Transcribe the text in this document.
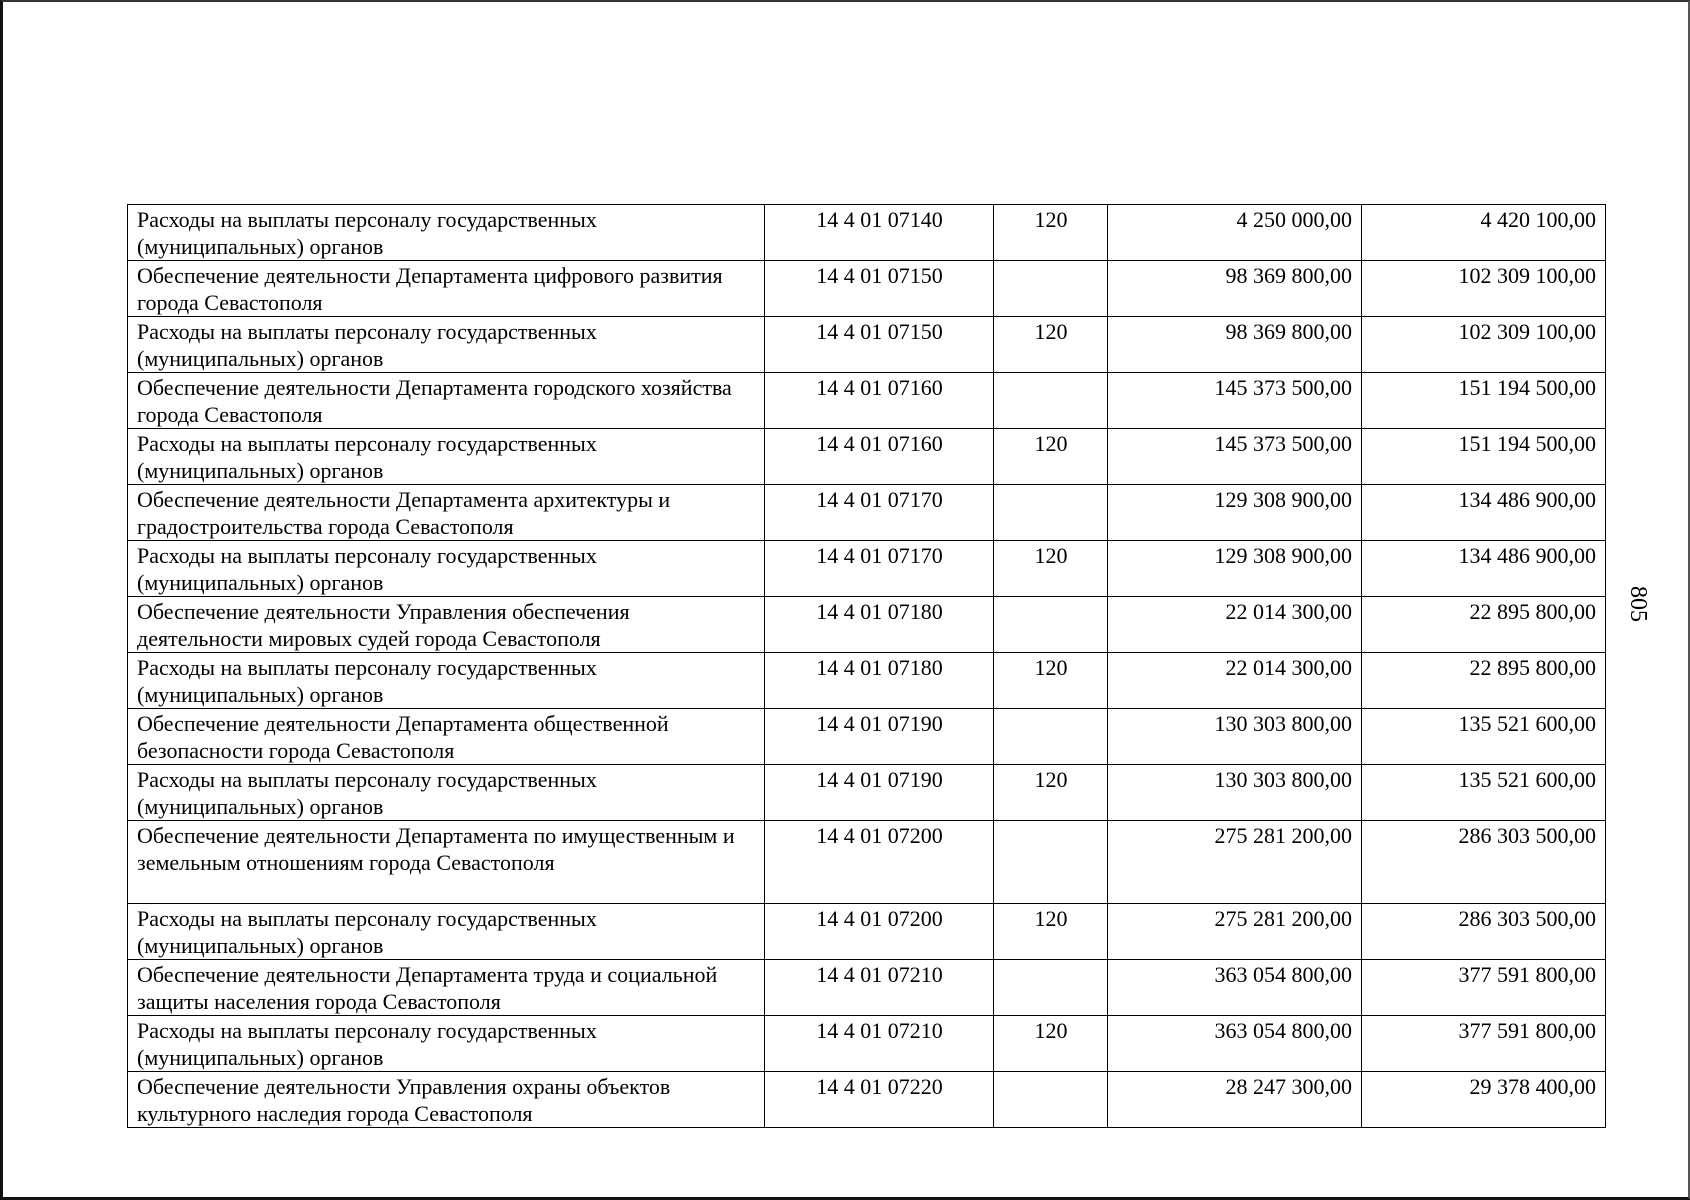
Расходы на выплаты персоналу государственных (муниципальных) органов	14 4 01 07140	120	4 250 000,00	4 420 100,00
Обеспечение деятельности Департамента цифрового развития города Севастополя	14 4 01 07150		98 369 800,00	102 309 100,00
Расходы на выплаты персоналу государственных (муниципальных) органов	14 4 01 07150	120	98 369 800,00	102 309 100,00
Обеспечение деятельности Департамента городского хозяйства города Севастополя	14 4 01 07160		145 373 500,00	151 194 500,00
Расходы на выплаты персоналу государственных (муниципальных) органов	14 4 01 07160	120	145 373 500,00	151 194 500,00
Обеспечение деятельности Департамента архитектуры и градостроительства города Севастополя	14 4 01 07170		129 308 900,00	134 486 900,00
Расходы на выплаты персоналу государственных (муниципальных) органов	14 4 01 07170	120	129 308 900,00	134 486 900,00
Обеспечение деятельности Управления обеспечения деятельности мировых судей города Севастополя	14 4 01 07180		22 014 300,00	22 895 800,00
Расходы на выплаты персоналу государственных (муниципальных) органов	14 4 01 07180	120	22 014 300,00	22 895 800,00
Обеспечение деятельности Департамента общественной безопасности города Севастополя	14 4 01 07190		130 303 800,00	135 521 600,00
Расходы на выплаты персоналу государственных (муниципальных) органов	14 4 01 07190	120	130 303 800,00	135 521 600,00
Обеспечение деятельности Департамента по имущественным и земельным отношениям города Севастополя	14 4 01 07200		275 281 200,00	286 303 500,00
Расходы на выплаты персоналу государственных (муниципальных) органов	14 4 01 07200	120	275 281 200,00	286 303 500,00
Обеспечение деятельности Департамента труда и социальной защиты населения города Севастополя	14 4 01 07210		363 054 800,00	377 591 800,00
Расходы на выплаты персоналу государственных (муниципальных) органов	14 4 01 07210	120	363 054 800,00	377 591 800,00
Обеспечение деятельности Управления охраны объектов культурного наследия города Севастополя	14 4 01 07220		28 247 300,00	29 378 400,00
805
